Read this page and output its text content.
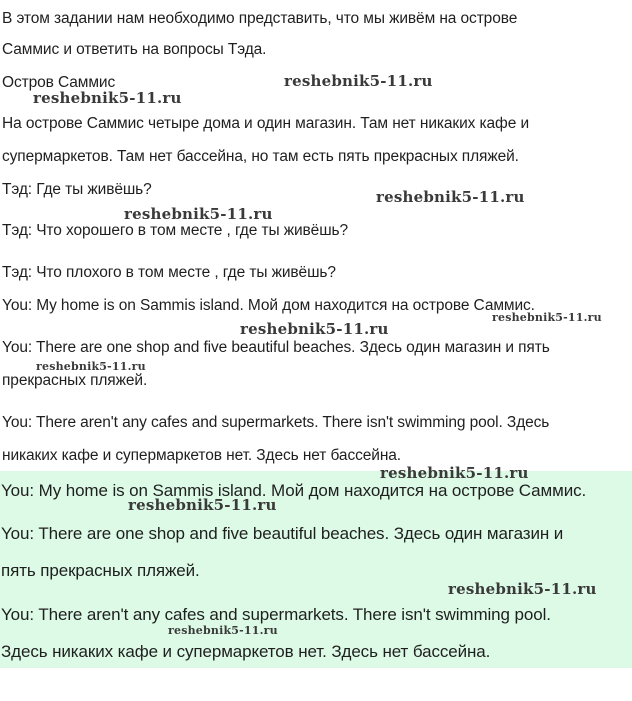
В этом задании нам необходимо представить, что мы живём на острове
Саммис и ответить на вопросы Тэда.
Остров Саммис
На острове Саммис четыре дома и один магазин. Там нет никаких кафе и
супермаркетов. Там нет бассейна, но там есть пять прекрасных пляжей.
Тэд: Где ты живёшь?
Тэд: Что хорошего в том месте , где ты живёшь?
Тэд: Что плохого в том месте , где ты живёшь?
You: My home is on Sammis island. Мой дом находится на острове Саммис.
You: There are one shop and five beautiful beaches. Здесь один магазин и пять
прекрасных пляжей.
You: There aren't any cafes and supermarkets. There isn't swimming pool. Здесь
никаких кафе и супермаркетов нет. Здесь нет бассейна.
You: My home is on Sammis island. Мой дом находится на острове Саммис.
You: There are one shop and five beautiful beaches. Здесь один магазин и
пять прекрасных пляжей.
You: There aren't any cafes and supermarkets. There isn't swimming pool.
Здесь никаких кафе и супермаркетов нет. Здесь нет бассейна.
reshebnik5-11.ru
reshebnik5-11.ru
reshebnik5-11.ru
reshebnik5-11.ru
reshebnik5-11.ru
reshebnik5-11.ru
reshebnik5-11.ru
reshebnik5-11.ru
reshebnik5-11.ru
reshebnik5-11.ru
reshebnik5-11.ru
